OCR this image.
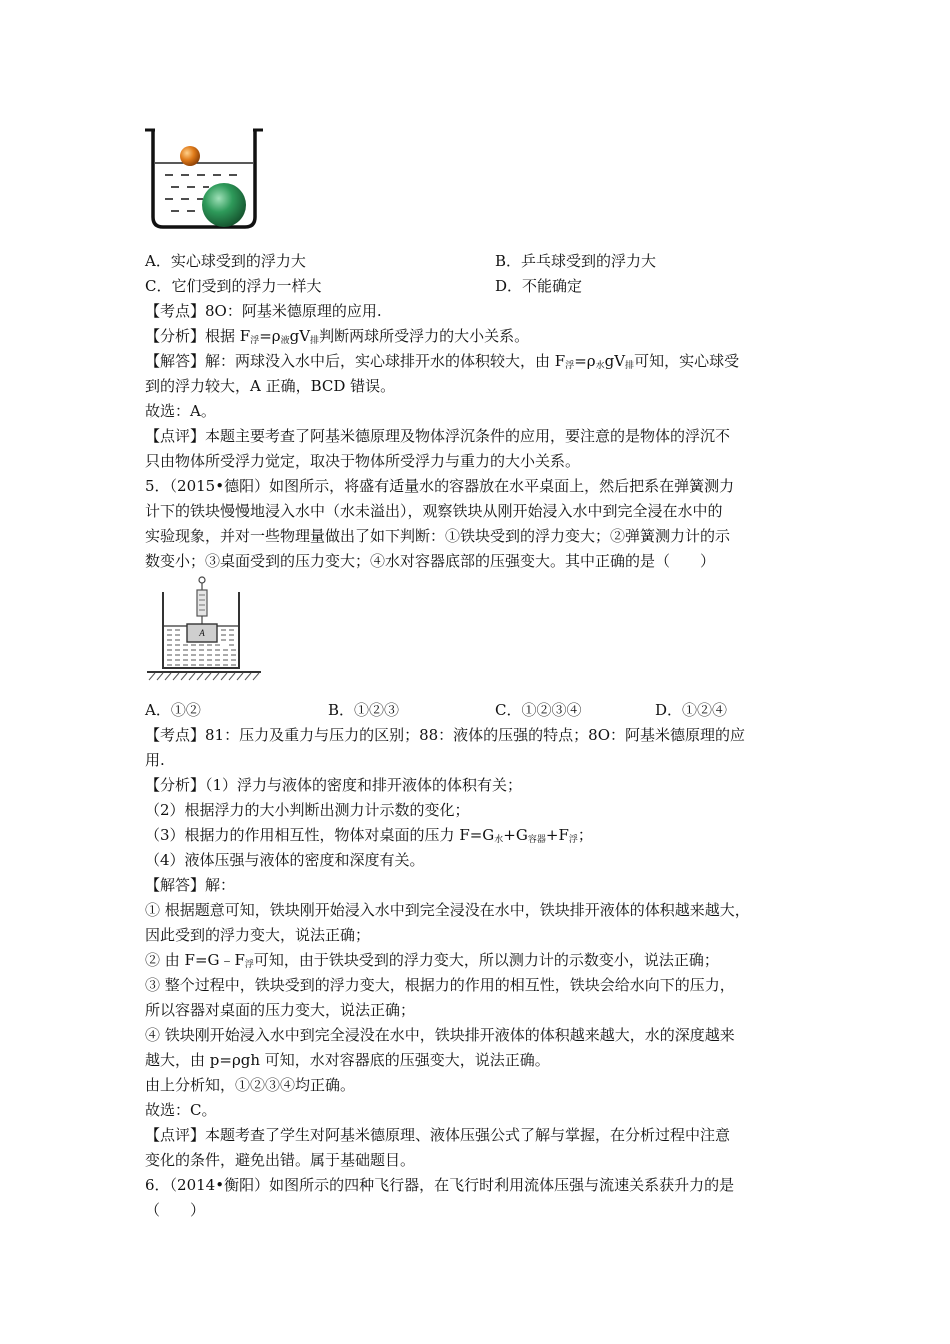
A．实心球受到的浮力大	B．乒乓球受到的浮力大
C．它们受到的浮力一样大	D．不能确定
【考点】8O：阿基米德原理的应用.
【分析】根据 $F_浮=\rho_液gV_排$判断两球所受浮力的大小关系。
【解答】解：两球没入水中后，实心球排开水的体积较大，由 $F_浮=\rho_水gV_排$可知，实心球受
到的浮力较大，A 正确，BCD 错误。
故选：A。
【点评】本题主要考查了阿基米德原理及物体浮沉条件的应用，要注意的是物体的浮沉不
只由物体所受浮力觉定，取决于物体所受浮力与重力的大小关系。
5．（2015•德阳）如图所示，将盛有适量水的容器放在水平桌面上，然后把系在弹簧测力
计下的铁块慢慢地浸入水中（水未溢出），观察铁块从刚开始浸入水中到完全浸在水中的
实验现象，并对一些物理量做出了如下判断：①铁块受到的浮力变大；②弹簧测力计的示
数变小；③桌面受到的压力变大；④水对容器底部的压强变大。其中正确的是（　　）
A
A．①②	B．①②③	C．①②③④	D．①②④
【考点】81：压力及重力与压力的区别；88：液体的压强的特点；8O：阿基米德原理的应
用.
【分析】（1）浮力与液体的密度和排开液体的体积有关；
（2）根据浮力的大小判断出测力计示数的变化；
（3）根据力的作用相互性，物体对桌面的压力 $F=G_水+G_{容器}+F_浮$；
（4）液体压强与液体的密度和深度有关。
【解答】解：
① 根据题意可知，铁块刚开始浸入水中到完全浸没在水中，铁块排开液体的体积越来越大，
因此受到的浮力变大，说法正确；
② 由 $F=G﹣F_浮$可知，由于铁块受到的浮力变大，所以测力计的示数变小，说法正确；
③ 整个过程中，铁块受到的浮力变大，根据力的作用的相互性，铁块会给水向下的压力，
所以容器对桌面的压力变大，说法正确；
④ 铁块刚开始浸入水中到完全浸没在水中，铁块排开液体的体积越来越大，水的深度越来
越大，由 p=ρgh 可知，水对容器底的压强变大，说法正确。
由上分析知，①②③④均正确。
故选：C。
【点评】本题考查了学生对阿基米德原理、液体压强公式了解与掌握，在分析过程中注意
变化的条件，避免出错。属于基础题目。
6．（2014•衡阳）如图所示的四种飞行器，在飞行时利用流体压强与流速关系获升力的是
（　　）
